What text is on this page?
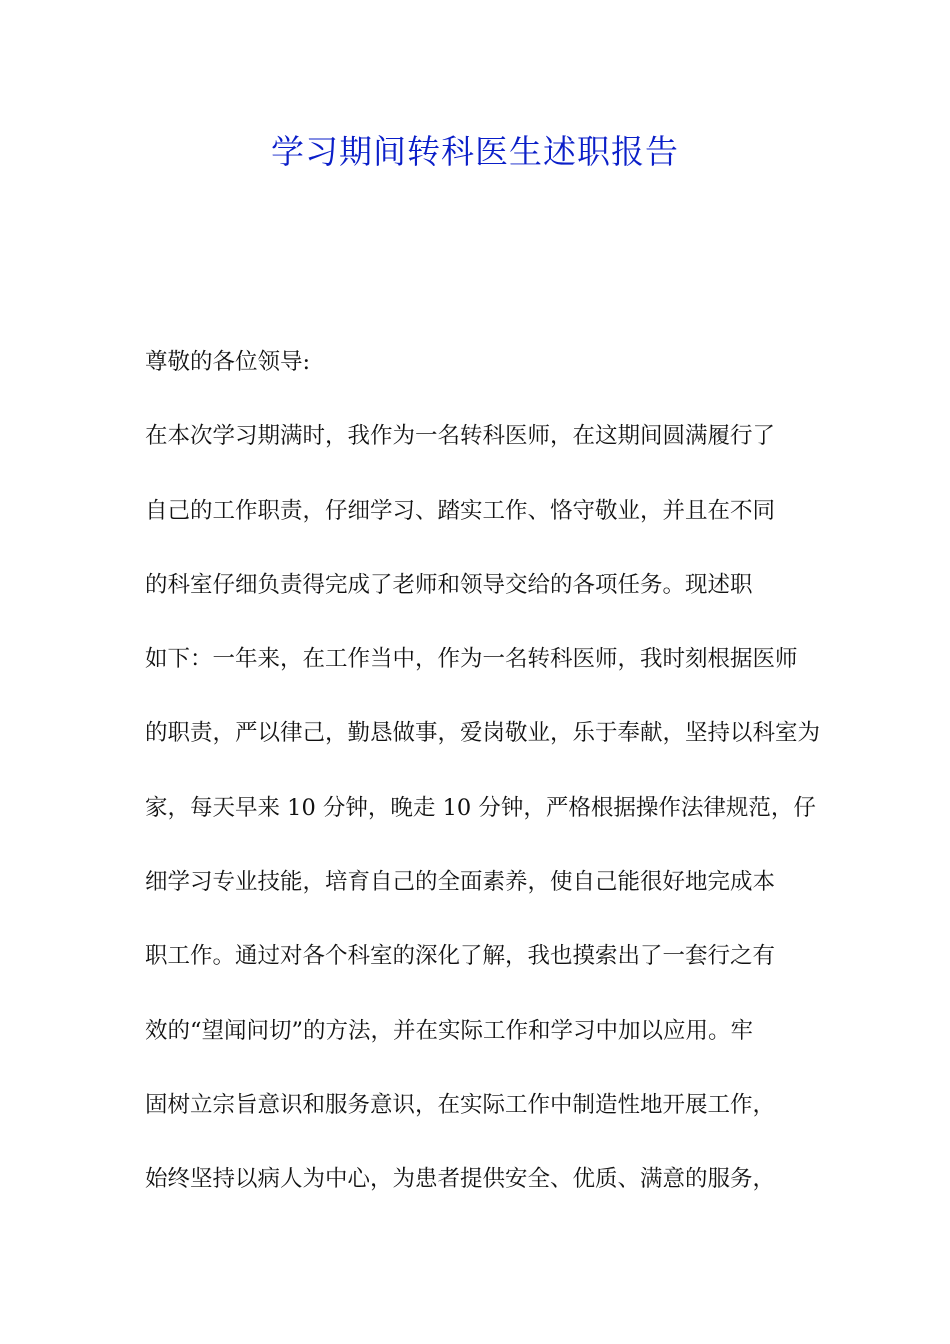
学习期间转科医生述职报告
尊敬的各位领导:
在本次学习期满时，我作为一名转科医师，在这期间圆满履行了
自己的工作职责，仔细学习、踏实工作、恪守敬业，并且在不同
的科室仔细负责得完成了老师和领导交给的各项任务。现述职
如下：一年来，在工作当中，作为一名转科医师，我时刻根据医师
的职责，严以律己，勤恳做事，爱岗敬业，乐于奉献，坚持以科室为
家，每天早来 10 分钟，晚走 10 分钟，严格根据操作法律规范，仔
细学习专业技能，培育自己的全面素养，使自己能很好地完成本
职工作。通过对各个科室的深化了解，我也摸索出了一套行之有
效的“望闻问切”的方法，并在实际工作和学习中加以应用。牢
固树立宗旨意识和服务意识，在实际工作中制造性地开展工作，
始终坚持以病人为中心，为患者提供安全、优质、满意的服务，
